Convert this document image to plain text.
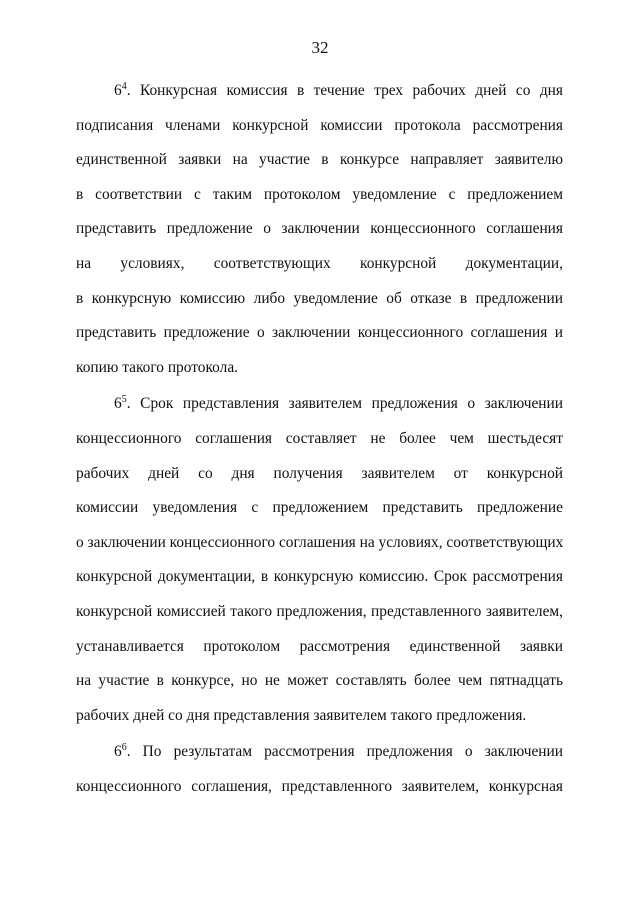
32
$6^4$. Конкурсная комиссия в течение трех рабочих дней со дня
подписания членами конкурсной комиссии протокола рассмотрения
единственной заявки на участие в конкурсе направляет заявителю
в соответствии с таким протоколом уведомление с предложением
представить предложение о заключении концессионного соглашения
на условиях, соответствующих конкурсной документации,
в конкурсную комиссию либо уведомление об отказе в предложении
представить предложение о заключении концессионного соглашения и
копию такого протокола.
$6^5$. Срок представления заявителем предложения о заключении
концессионного соглашения составляет не более чем шестьдесят
рабочих дней со дня получения заявителем от конкурсной
комиссии уведомления с предложением представить предложение
о заключении концессионного соглашения на условиях, соответствующих
конкурсной документации, в конкурсную комиссию. Срок рассмотрения
конкурсной комиссией такого предложения, представленного заявителем,
устанавливается протоколом рассмотрения единственной заявки
на участие в конкурсе, но не может составлять более чем пятнадцать
рабочих дней со дня представления заявителем такого предложения.
$6^6$. По результатам рассмотрения предложения о заключении
концессионного соглашения, представленного заявителем, конкурсная
